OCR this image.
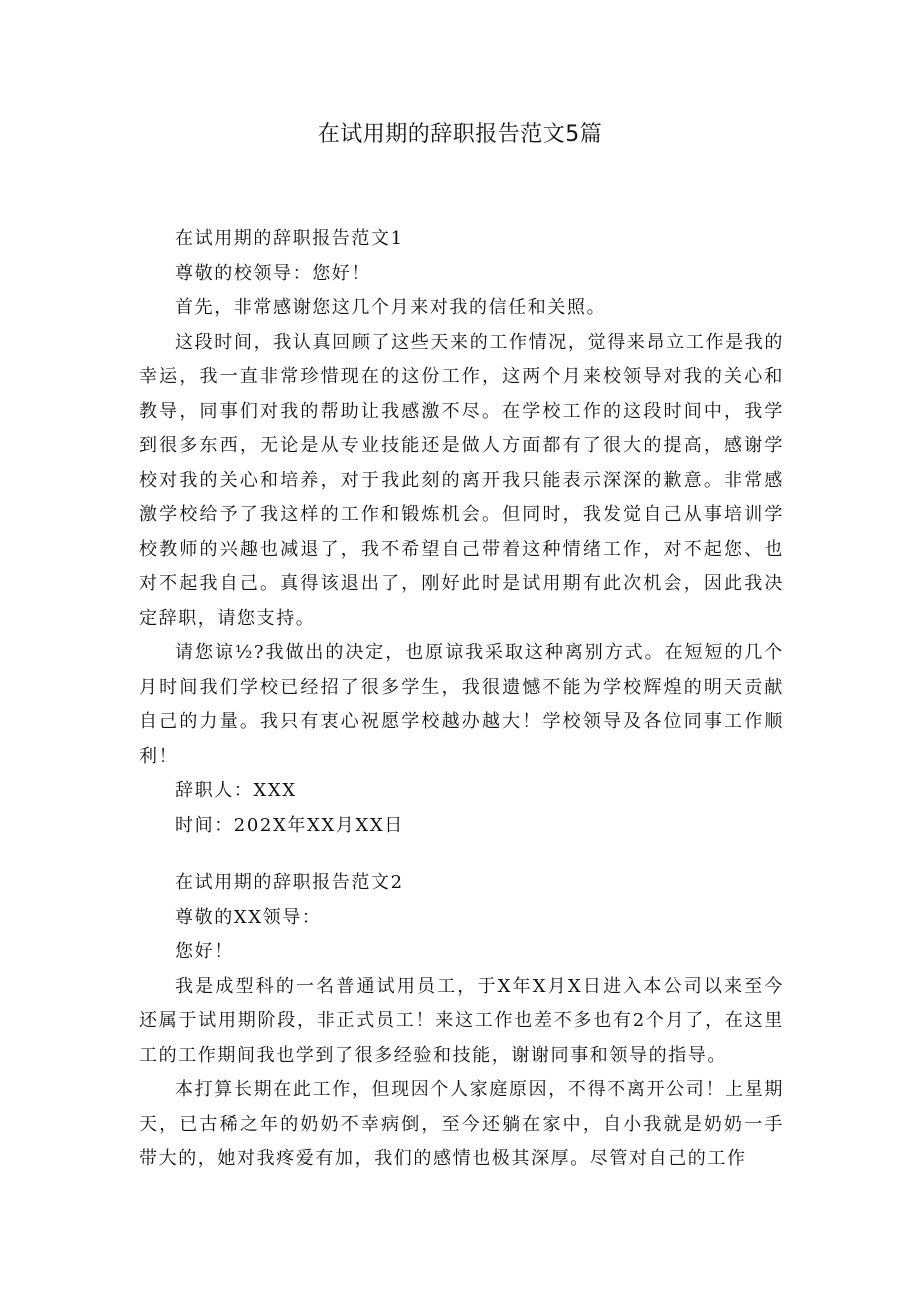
在试用期的辞职报告范文5篇

在试用期的辞职报告范文1

尊敬的校领导：您好！

首先，非常感谢您这几个月来对我的信任和关照。

这段时间，我认真回顾了这些天来的工作情况，觉得来昂立工作是我的幸运，我一直非常珍惜现在的这份工作，这两个月来校领导对我的关心和教导，同事们对我的帮助让我感激不尽。在学校工作的这段时间中，我学到很多东西，无论是从专业技能还是做人方面都有了很大的提高，感谢学校对我的关心和培养，对于我此刻的离开我只能表示深深的歉意。非常感激学校给予了我这样的工作和锻炼机会。但同时，我发觉自己从事培训学校教师的兴趣也减退了，我不希望自己带着这种情绪工作，对不起您、也对不起我自己。真得该退出了，刚好此时是试用期有此次机会，因此我决定辞职，请您支持。

请您谅½?我做出的决定，也原谅我采取这种离别方式。在短短的几个月时间我们学校已经招了很多学生，我很遗憾不能为学校辉煌的明天贡献自己的力量。我只有衷心祝愿学校越办越大！学校领导及各位同事工作顺利！

辞职人：XXX

时间：202X年XX月XX日

在试用期的辞职报告范文2

尊敬的XX领导：

您好！

我是成型科的一名普通试用员工，于X年X月X日进入本公司以来至今还属于试用期阶段，非正式员工！来这工作也差不多也有2个月了，在这里工的工作期间我也学到了很多经验和技能，谢谢同事和领导的指导。

本打算长期在此工作，但现因个人家庭原因，不得不离开公司！上星期天，已古稀之年的奶奶不幸病倒，至今还躺在家中，自小我就是奶奶一手带大的，她对我疼爱有加，我们的感情也极其深厚。尽管对自己的工作
